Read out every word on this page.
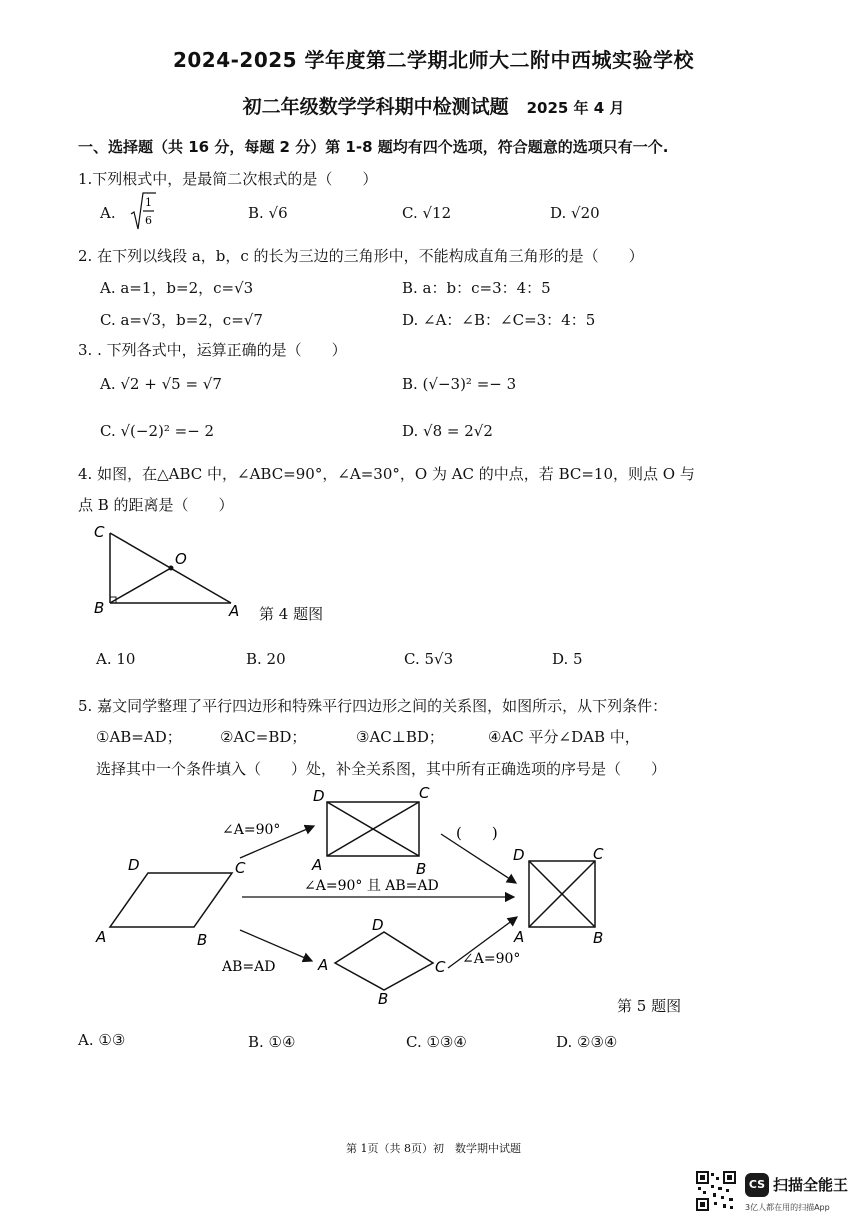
2024-2025 学年度第二学期北师大二附中西城实验学校
初二年级数学学科期中检测试题 2025 年 4 月
一、选择题（共 16 分，每题 2 分）第 1-8 题均有四个选项，符合题意的选项只有一个.
1.下列根式中，是最简二次根式的是（　　）
A.	B. √6	C. √12	D. √20
2. 在下列以线段 a，b，c 的长为三边的三角形中，不能构成直角三角形的是（　　）
A. a=1，b=2，c=√3	B. a：b：c=3：4：5
C. a=√3，b=2，c=√7	D. ∠A：∠B：∠C=3：4：5
3. . 下列各式中，运算正确的是（　　）
A. √2 + √5 = √7	B. (√−3)² =− 3
C. √(−2)² =− 2	D. √8 = 2√2
4. 如图，在△ABC 中，∠ABC=90°，∠A=30°，O 为 AC 的中点，若 BC=10，则点 O 与
点 B 的距离是（　　）
第 4 题图
A. 10	B. 20	C. 5√3	D. 5
5. 嘉文同学整理了平行四边形和特殊平行四边形之间的关系图，如图所示，从下列条件：
①AB=AD；	②AC=BD；	③AC⊥BD；	④AC 平分∠DAB 中，
选择其中一个条件填入（　　）处，补全关系图，其中所有正确选项的序号是（　　）
第 5 题图
A. ①③	B. ①④	C. ①③④	D. ②③④
第 1页（共 8页）初　数学期中试题
1
6
C
O
B	A
A	B
C
D
D	C
A	B
A
D
C
B
D	C
A	B
∠A=90°
∠A=90° 且 AB=AD
AB=AD	∠A=90°
(　　)
CS 扫描全能王
3亿人都在用的扫描App
